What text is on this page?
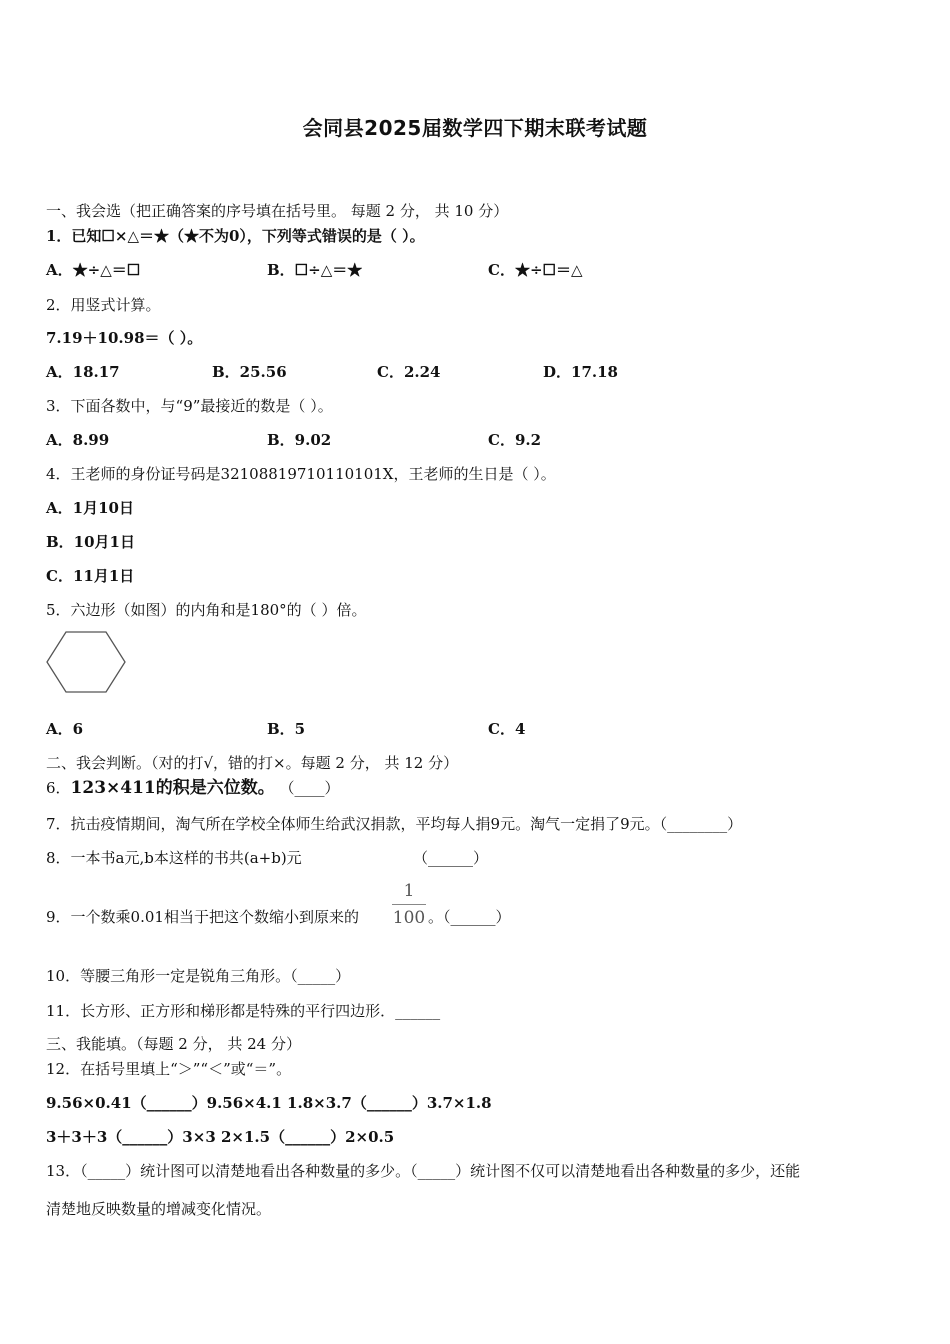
会同县2025届数学四下期末联考试题
一、我会选（把正确答案的序号填在括号里。 每题 2 分， 共 10 分）
1．已知☐×△＝★（★不为0），下列等式错误的是（ ）。
A．★÷△＝☐	B．☐÷△＝★	C．★÷☐＝△
2．用竖式计算。
7.19＋10.98＝（ ）。
A．18.17	B．25.56	C．2.24	D．17.18
3．下面各数中，与“9”最接近的数是（ ）。
A．8.99	B．9.02	C．9.2
4．王老师的身份证号码是32108819710110101X，王老师的生日是（ ）。
A．1月10日
B．10月1日
C．11月1日
5．六边形（如图）的内角和是180°的（ ）倍。
A．6	B．5	C．4
二、我会判断。（对的打√，错的打×。每题 2 分， 共 12 分）
6．123×411的积是六位数。 （____）
7．抗击疫情期间，淘气所在学校全体师生给武汉捐款，平均每人捐9元。淘气一定捐了9元。（________）
8．一本书a元,b本这样的书共(a+b)元	（______）
9．一个数乘0.01相当于把这个数缩小到原来的
1
100 。（______）
10．等腰三角形一定是锐角三角形。（_____）
11．长方形、正方形和梯形都是特殊的平行四边形．______
三、我能填。（每题 2 分， 共 24 分）
12．在括号里填上“＞”“＜”或“＝”。
9.56×0.41（______）9.56×4.1 1.8×3.7（______）3.7×1.8
3＋3＋3（______）3×3 2×1.5（______）2×0.5
13．（_____）统计图可以清楚地看出各种数量的多少。（_____）统计图不仅可以清楚地看出各种数量的多少，还能
清楚地反映数量的增减变化情况。
